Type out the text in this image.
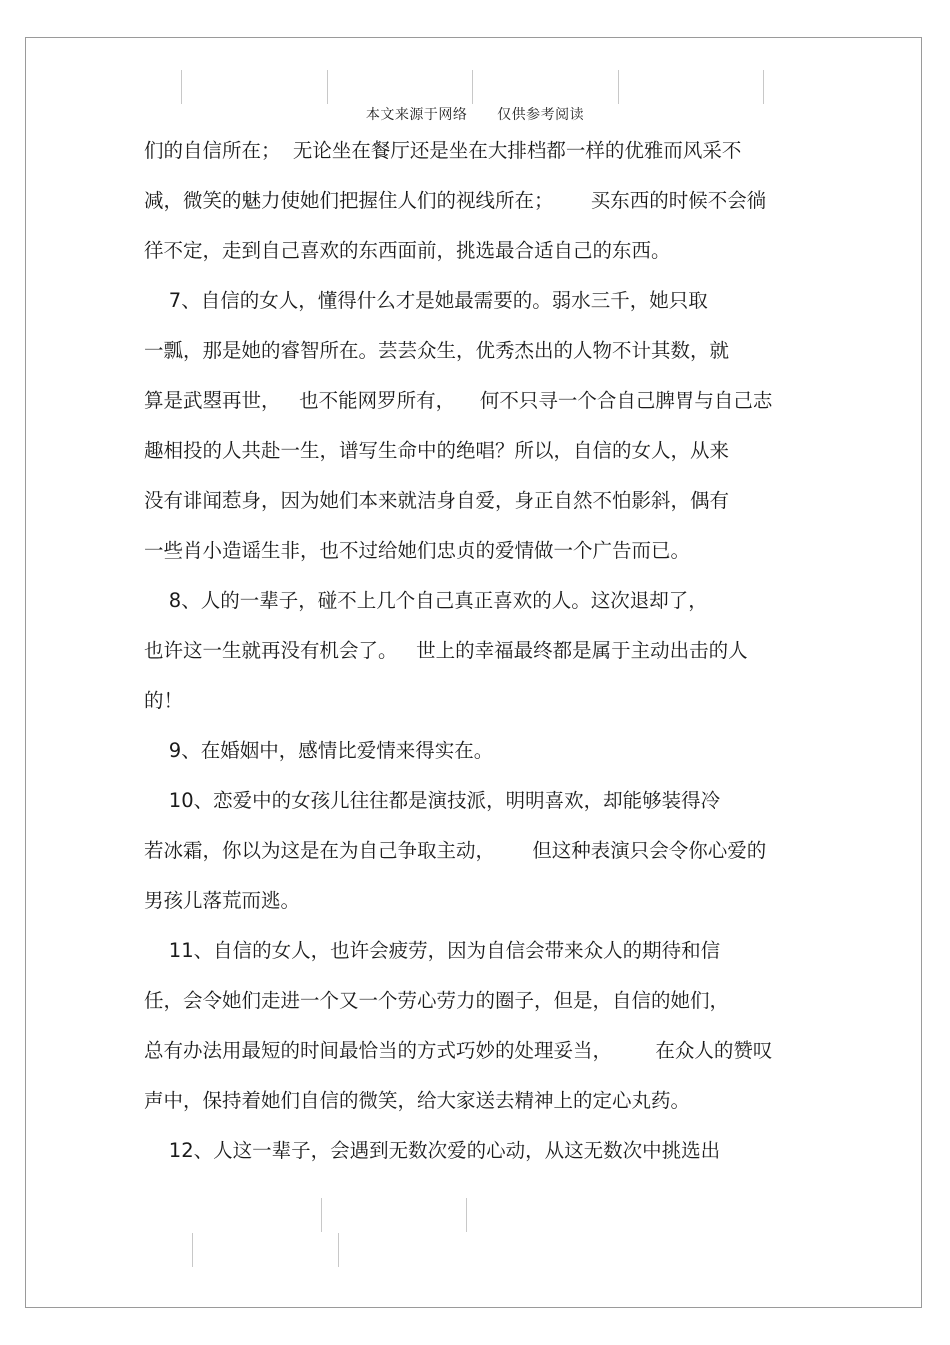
本文来源于网络      仅供参考阅读
们的自信所在；  无论坐在餐厅还是坐在大排档都一样的优雅而风采不
减，微笑的魅力使她们把握住人们的视线所在；      买东西的时候不会徜
徉不定，走到自己喜欢的东西面前，挑选最合适自己的东西。
7、自信的女人，懂得什么才是她最需要的。弱水三千，她只取
一瓢，那是她的睿智所在。芸芸众生，优秀杰出的人物不计其数，就
算是武曌再世，   也不能网罗所有，    何不只寻一个合自己脾胃与自己志
趣相投的人共赴一生，谱写生命中的绝唱？所以，自信的女人，从来
没有诽闻惹身，因为她们本来就洁身自爱，身正自然不怕影斜，偶有
一些肖小造谣生非，也不过给她们忠贞的爱情做一个广告而已。
8、人的一辈子，碰不上几个自己真正喜欢的人。这次退却了，
也许这一生就再没有机会了。   世上的幸福最终都是属于主动出击的人
的！
9、在婚姻中，感情比爱情来得实在。
10、恋爱中的女孩儿往往都是演技派，明明喜欢，却能够装得冷
若冰霜，你以为这是在为自己争取主动，      但这种表演只会令你心爱的
男孩儿落荒而逃。
11、自信的女人，也许会疲劳，因为自信会带来众人的期待和信
任，会令她们走进一个又一个劳心劳力的圈子，但是，自信的她们，
总有办法用最短的时间最恰当的方式巧妙的处理妥当，       在众人的赞叹
声中，保持着她们自信的微笑，给大家送去精神上的定心丸药。
12、人这一辈子，会遇到无数次爱的心动，从这无数次中挑选出
